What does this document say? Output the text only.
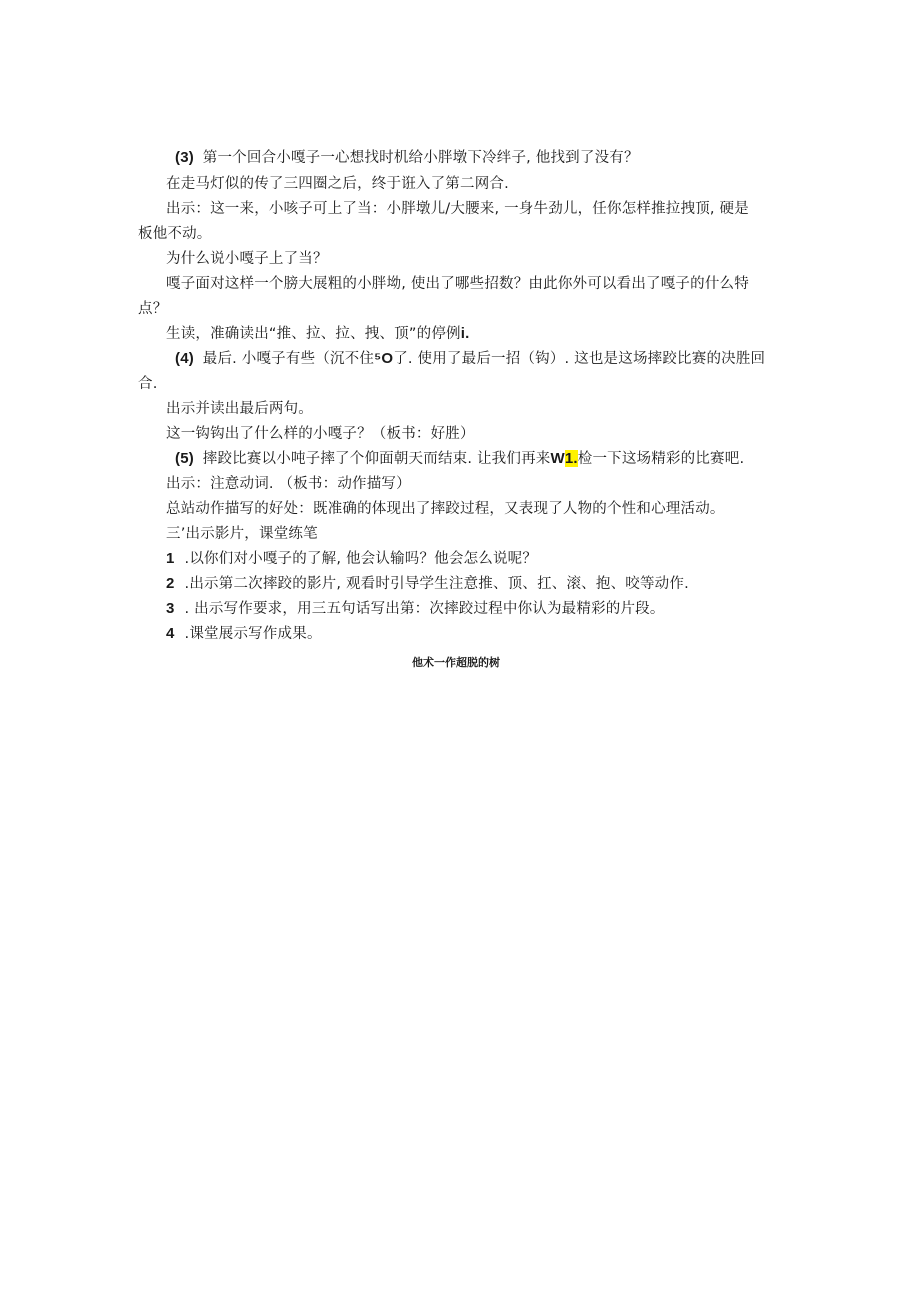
(3) 第一个回合小嘎子一心想找时机给小胖墩下冷绊子, 他找到了没有？
在走马灯似的传了三四圈之后，终于诳入了第二网合.
出示：这一来，小咳子可上了当：小胖墩儿/大腰来, 一身牛劲儿，任你怎样推拉拽顶, 硬是
板他不动。
为什么说小嘎子上了当？
嘎子面对这样一个膀大展粗的小胖坳, 使出了哪些招数？由此你外可以看出了嘎子的什么特
点？
生读，准确读出“推、拉、拉、拽、顶”的停例i.
(4) 最后. 小嘎子有些（沉不住⁵O了. 使用了最后一招（钩）. 这也是这场摔跤比赛的决胜回
合.
出示并读出最后两句。
这一钩钩出了什么样的小嘎子？（板书：好胜）
(5) 摔跤比赛以小吨子摔了个仰面朝天而结束. 让我们再来W1.检一下这场精彩的比赛吧.
出示：注意动词. （板书：动作描写）
总站动作描写的好处：既准确的体现出了摔跤过程，又表现了人物的个性和心理活动。
三’出示影片，课堂练笔
1 .以你们对小嘎子的了解, 他会认输吗？他会怎么说呢？
2 .出示第二次摔跤的影片, 观看时引导学生注意推、顶、扛、滚、抱、咬等动作.
3 . 出示写作要求，用三五句话写出第：次摔跤过程中你认为最精彩的片段。
4 .课堂展示写作成果。
他术一作超脱的树
